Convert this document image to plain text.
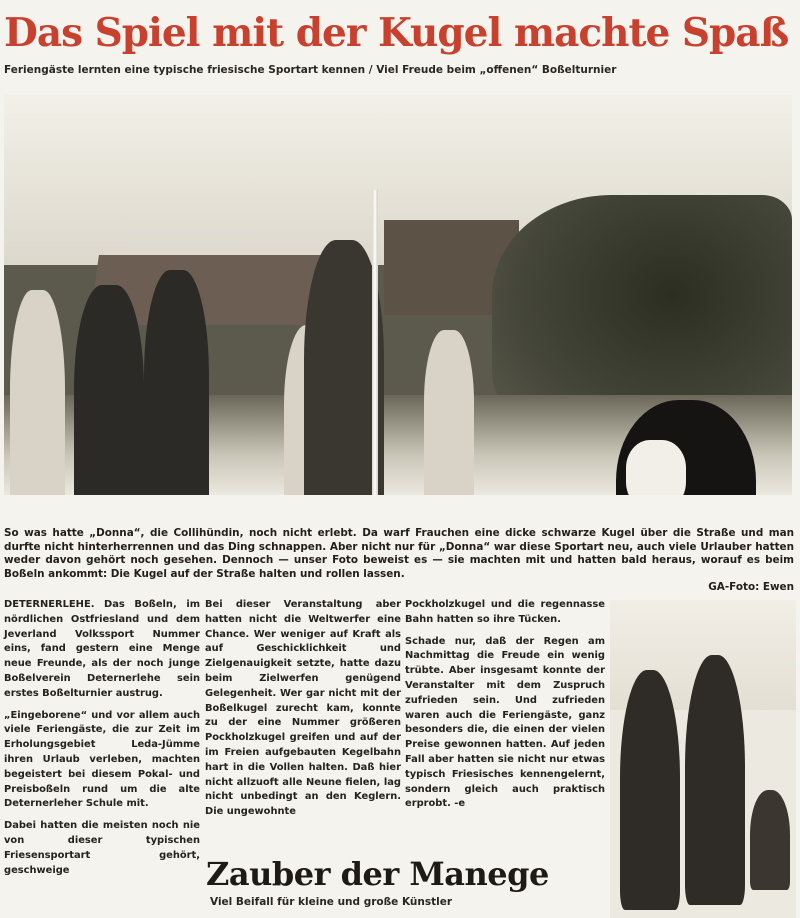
Das Spiel mit der Kugel machte Spaß
Feriengäste lernten eine typische friesische Sportart kennen / Viel Freude beim „offenen“ Boßelturnier
So was hatte „Donna“, die Collihündin, noch nicht erlebt. Da warf Frauchen eine dicke schwarze Kugel über die Straße und man durfte nicht hinterherrennen und das Ding schnappen. Aber nicht nur für „Donna“ war diese Sportart neu, auch viele Urlauber hatten weder davon gehört noch gesehen. Dennoch — unser Foto beweist es — sie machten mit und hatten bald heraus, worauf es beim Boßeln ankommt: Die Kugel auf der Straße halten und rollen lassen.
GA-Foto: Ewen

DETERNERLEHE. Das Boßeln, im nördlichen Ostfriesland und dem Jeverland Volkssport Nummer eins, fand gestern eine Menge neue Freunde, als der noch junge Boßelverein Deternerlehe sein erstes Boßelturnier austrug.

„Eingeborene“ und vor allem auch viele Feriengäste, die zur Zeit im Erholungsgebiet Leda-Jümme ihren Urlaub verleben, machten begeistert bei diesem Pokal- und Preisboßeln rund um die alte Deternerleher Schule mit.

Dabei hatten die meisten noch nie von dieser typischen Friesensportart gehört, geschweige

Bei dieser Veranstaltung aber hatten nicht die Weltwerfer eine Chance. Wer weniger auf Kraft als auf Geschicklichkeit und Zielgenauigkeit setzte, hatte dazu beim Zielwerfen genügend Gelegenheit. Wer gar nicht mit der Boßelkugel zurecht kam, konnte zu der eine Nummer größeren Pockholzkugel greifen und auf der im Freien aufgebauten Kegelbahn hart in die Vollen halten. Daß hier nicht allzuoft alle Neune fielen, lag nicht unbedingt an den Keglern. Die ungewohnte

Pockholzkugel und die regennasse Bahn hatten so ihre Tücken.

Schade nur, daß der Regen am Nachmittag die Freude ein wenig trübte. Aber insgesamt konnte der Veranstalter mit dem Zuspruch zufrieden sein. Und zufrieden waren auch die Feriengäste, ganz besonders die, die einen der vielen Preise gewonnen hatten. Auf jeden Fall aber hatten sie nicht nur etwas typisch Friesisches kennengelernt, sondern gleich auch praktisch erprobt. -e

Zauber der Manege
Viel Beifall für kleine und große Künstler
